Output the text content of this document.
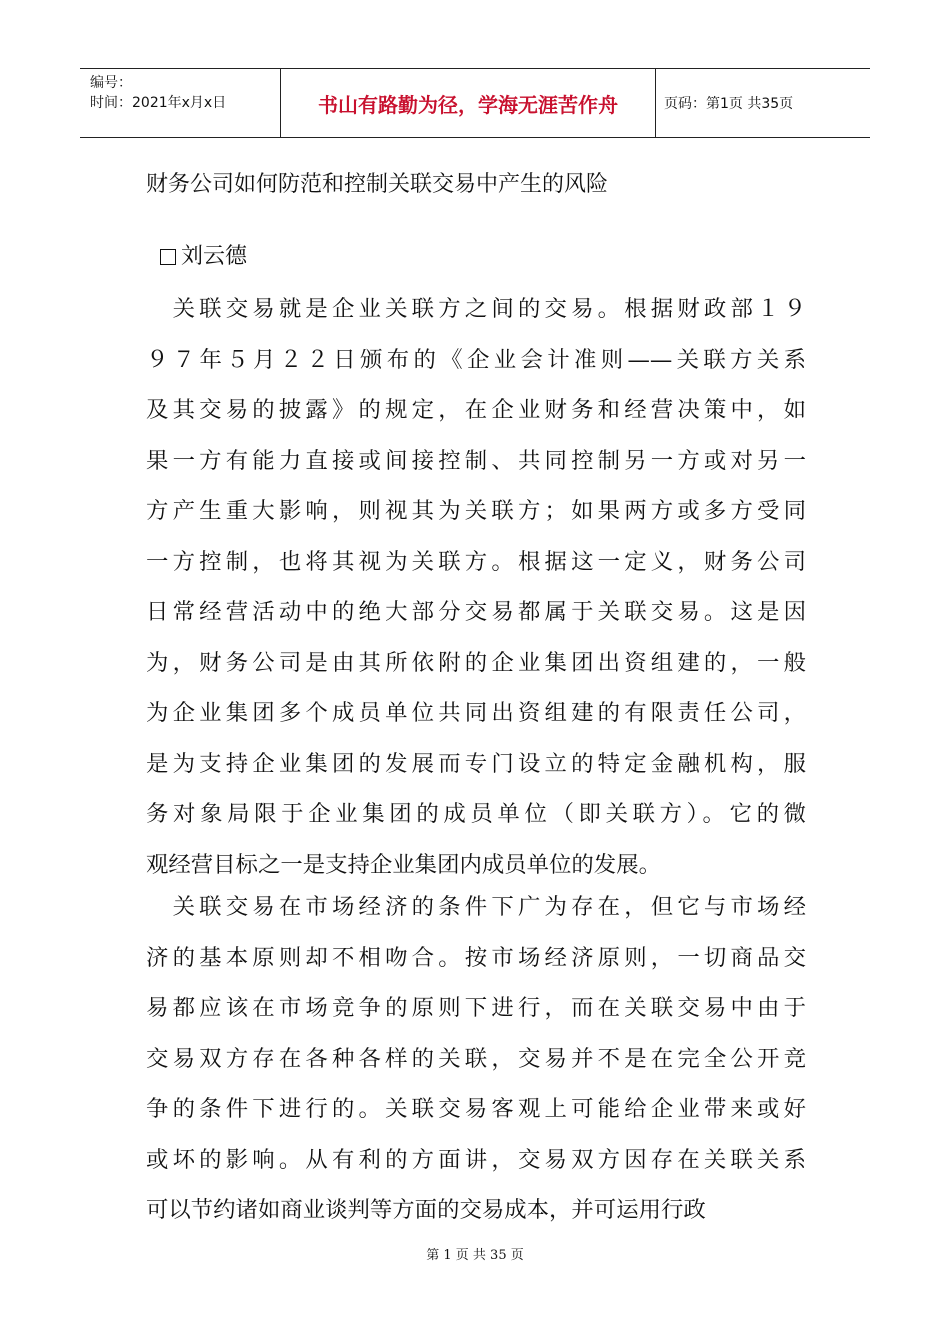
编号：
时间：2021年x月x日	书山有路勤为径，学海无涯苦作舟	页码：第1页 共35页
财务公司如何防范和控制关联交易中产生的风险
刘云德
　关联交易就是企业关联方之间的交易。根据财政部１９
９７年５月２２日颁布的《企业会计准则——关联方关系
及其交易的披露》的规定，在企业财务和经营决策中，如
果一方有能力直接或间接控制、共同控制另一方或对另一
方产生重大影响，则视其为关联方；如果两方或多方受同
一方控制，也将其视为关联方。根据这一定义，财务公司
日常经营活动中的绝大部分交易都属于关联交易。这是因
为，财务公司是由其所依附的企业集团出资组建的，一般
为企业集团多个成员单位共同出资组建的有限责任公司，
是为支持企业集团的发展而专门设立的特定金融机构，服
务对象局限于企业集团的成员单位（即关联方）。它的微
观经营目标之一是支持企业集团内成员单位的发展。
　关联交易在市场经济的条件下广为存在，但它与市场经
济的基本原则却不相吻合。按市场经济原则，一切商品交
易都应该在市场竞争的原则下进行，而在关联交易中由于
交易双方存在各种各样的关联，交易并不是在完全公开竞
争的条件下进行的。关联交易客观上可能给企业带来或好
或坏的影响。从有利的方面讲，交易双方因存在关联关系
可以节约诸如商业谈判等方面的交易成本，并可运用行政
第 1 页 共 35 页
